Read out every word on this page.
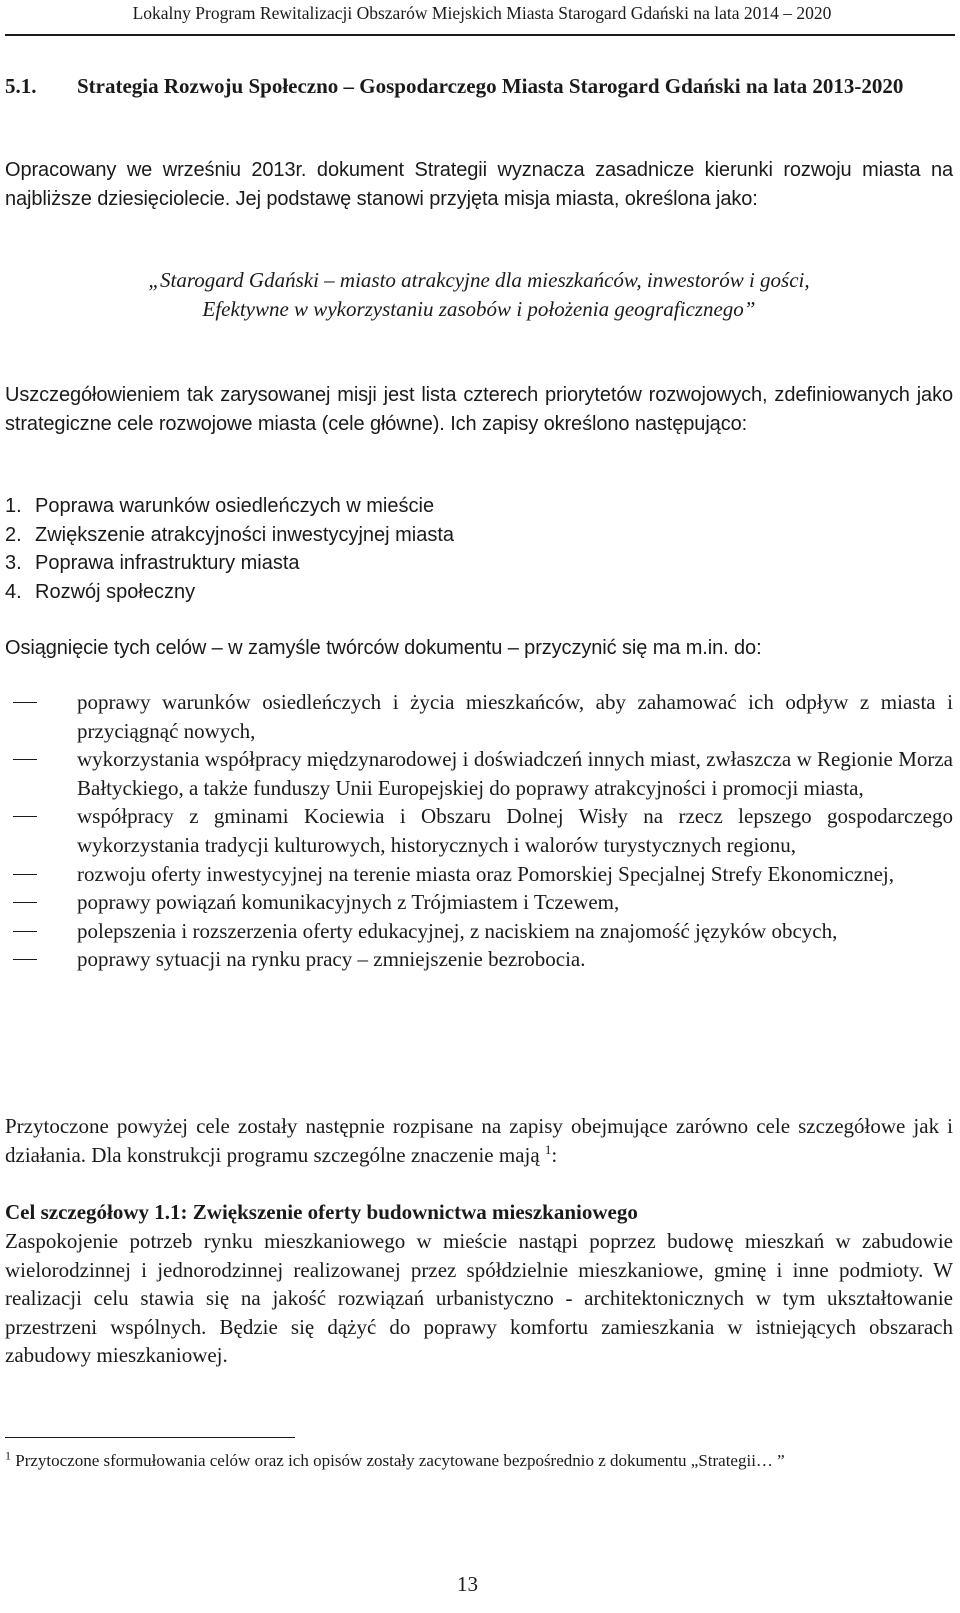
Lokalny Program Rewitalizacji Obszarów Miejskich Miasta Starogard Gdański na lata 2014 – 2020
5.1.	Strategia Rozwoju Społeczno – Gospodarczego Miasta Starogard Gdański na lata 2013-2020

Opracowany we wrześniu 2013r. dokument Strategii wyznacza zasadnicze kierunki rozwoju miasta na najbliższe dziesięciolecie. Jej podstawę stanowi przyjęta misja miasta, określona jako:

„Starogard Gdański – miasto atrakcyjne dla mieszkańców, inwestorów i gości,
Efektywne w wykorzystaniu zasobów i położenia geograficznego”

Uszczegółowieniem tak zarysowanej misji jest lista czterech priorytetów rozwojowych, zdefiniowanych jako strategiczne cele rozwojowe miasta (cele główne). Ich zapisy określono następująco:

1. Poprawa warunków osiedleńczych w mieście
2. Zwiększenie atrakcyjności inwestycyjnej miasta
3. Poprawa infrastruktury miasta
4. Rozwój społeczny

Osiągnięcie tych celów – w zamyśle twórców dokumentu – przyczynić się ma m.in. do:

poprawy warunków osiedleńczych i życia mieszkańców, aby zahamować ich odpływ z miasta i przyciągnąć nowych,
wykorzystania współpracy międzynarodowej i doświadczeń innych miast, zwłaszcza w Regionie Morza Bałtyckiego, a także funduszy Unii Europejskiej do poprawy atrakcyjności i promocji miasta,
współpracy z gminami Kociewia i Obszaru Dolnej Wisły na rzecz lepszego gospodarczego wykorzystania tradycji kulturowych, historycznych i walorów turystycznych regionu,
rozwoju oferty inwestycyjnej na terenie miasta oraz Pomorskiej Specjalnej Strefy Ekonomicznej,
poprawy powiązań komunikacyjnych z Trójmiastem i Tczewem,
polepszenia i rozszerzenia oferty edukacyjnej, z naciskiem na znajomość języków obcych,
poprawy sytuacji na rynku pracy – zmniejszenie bezrobocia.

Przytoczone powyżej cele zostały następnie rozpisane na zapisy obejmujące zarówno cele szczegółowe jak i działania. Dla konstrukcji programu szczególne znaczenie mają $^1$:

Cel szczegółowy 1.1: Zwiększenie oferty budownictwa mieszkaniowego

Zaspokojenie potrzeb rynku mieszkaniowego w mieście nastąpi poprzez budowę mieszkań w zabudowie wielorodzinnej i jednorodzinnej realizowanej przez spółdzielnie mieszkaniowe, gminę i inne podmioty. W realizacji celu stawia się na jakość rozwiązań urbanistyczno - architektonicznych w tym ukształtowanie przestrzeni wspólnych. Będzie się dążyć do poprawy komfortu zamieszkania w istniejących obszarach zabudowy mieszkaniowej.

$^1$ Przytoczone sformułowania celów oraz ich opisów zostały zacytowane bezpośrednio z dokumentu „Strategii… ”
13
